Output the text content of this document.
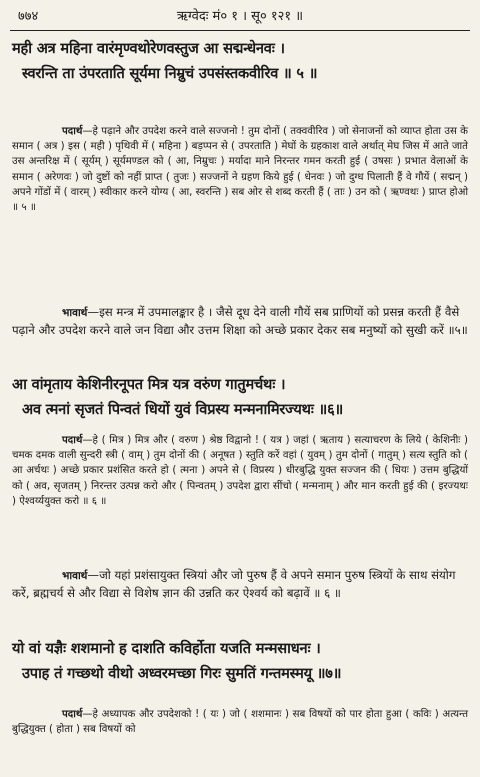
७७४	ऋग्वेदः मं० १ । सू० १२१ ॥
मही अत्र महिना वारंमृण्वथोरेणवस्तुज आ सद्मन्धेनवः ।
स्वरन्ति ता उंपरताति सूर्यमा निम्रुचं उपसंस्तकवीरिव ॥ ५ ॥
पदार्थ—हे पढ़ाने और उपदेश करने वाले सज्जनो ! तुम दोनों ( तक्ववीरिव ) जो सेनाजनों को व्याप्त होता उस के समान ( अत्र ) इस ( मही ) पृथिवी में ( महिना ) बड़प्पन से ( उपरताति ) मेघों के ग्रहकाश वाले अर्थात् मेघ जिस में आते जाते उस अन्तरिक्ष में ( सूर्यम् ) सूर्यमण्डल को ( आ, निम्रुचः ) मर्यादा माने निरन्तर गमन करती हुई ( उषसः ) प्रभात वेलाओं के समान ( अरेणवः ) जो दुष्टों को नहीं प्राप्त ( तुजः ) सज्जनों ने ग्रहण किये हुई ( धेनवः ) जो दुग्ध पिलाती हैं वे गौयें ( सद्मन् ) अपने गोंडों में ( वारम् ) स्वीकार करने योग्य ( आ, स्वरन्ति ) सब ओर से शब्द करती हैं ( ताः ) उन को ( ऋण्वथः ) प्राप्त होओ ॥ ५ ॥
भावार्थ—इस मन्त्र में उपमालङ्कार है । जैसे दूध देने वाली गौयें सब प्राणियों को प्रसन्न करती हैं वैसे पढ़ाने और उपदेश करने वाले जन विद्या और उत्तम शिक्षा को अच्छे प्रकार देकर सब मनुष्यों को सुखी करें ॥५॥
आ वांमृताय केशिनीरनूपत मित्र यत्र वरुंण गातुमर्चथः ।
अव त्मनां सृजतं पिन्वतं धियों युवं विप्रस्य मन्मनामिरज्यथः ॥६॥
पदार्थ—हे ( मित्र ) मित्र और ( वरुण ) श्रेष्ठ विद्वानो ! ( यत्र ) जहां ( ऋताय ) सत्याचरण के लिये ( केशिनीः ) चमक दमक वाली सुन्दरी स्त्री ( वाम् ) तुम दोनों की ( अनूषत ) स्तुति करें वहां ( युवम् ) तुम दोनों ( गातुम् ) सत्य स्तुति को ( आ अर्चथः ) अच्छे प्रकार प्रशंसित करते हो ( त्मना ) अपने से ( विप्रस्य ) धीरबुद्धि युक्त सज्जन की ( धियः ) उत्तम बुद्धियों को ( अव, सृजतम् ) निरन्तर उत्पन्न करो और ( पिन्वतम् ) उपदेश द्वारा सींचो ( मन्मनाम् ) और मान करती हुई की ( इरज्यथः ) ऐश्वर्य्ययुक्त करो ॥ ६ ॥
भावार्थ—जो यहां प्रशंसायुक्त स्त्रियां और जो पुरुष हैं वे अपने समान पुरुष स्त्रियों के साथ संयोग करें, ब्रह्मचर्य से और विद्या से विशेष ज्ञान की उन्नति कर ऐश्वर्य को बढ़ावें ॥ ६ ॥
यो वां यज्ञैः शशमानो ह दाशति कविर्होता यजति मन्मसाधनः ।
उपाह तं गच्छथो वीथो अध्वरमच्छा गिरः सुमतिं गन्तमस्मयू ॥७॥
पदार्थ—हे अध्यापक और उपदेशको ! ( यः ) जो ( शशमानः ) सब विषयों को पार होता हुआ ( कविः ) अत्यन्त बुद्धियुक्त ( होता ) सब विषयों को
